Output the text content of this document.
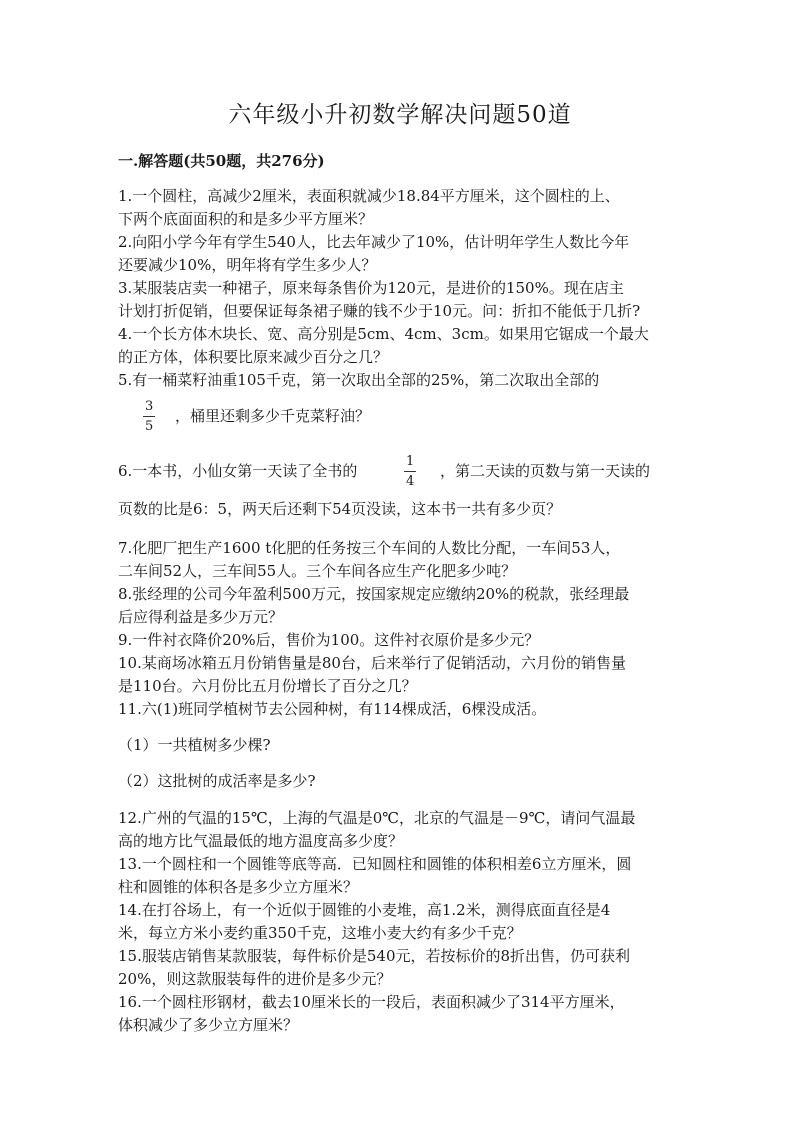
六年级小升初数学解决问题50道
一.解答题(共50题，共276分)
1.一个圆柱，高减少2厘米，表面积就减少18.84平方厘米，这个圆柱的上、
下两个底面面积的和是多少平方厘米？
2.向阳小学今年有学生540人，比去年减少了10%，估计明年学生人数比今年
还要减少10%，明年将有学生多少人？
3.某服装店卖一种裙子，原来每条售价为120元，是进价的150%。现在店主
计划打折促销，但要保证每条裙子赚的钱不少于10元。问：折扣不能低于几折?
4.一个长方体木块长、宽、高分别是5cm、4cm、3cm。如果用它锯成一个最大
的正方体，体积要比原来减少百分之几？
5.有一桶菜籽油重105千克，第一次取出全部的25%，第二次取出全部的
$\frac{3}{5}$ ，桶里还剩多少千克菜籽油？
6.一本书，小仙女第一天读了全书的	$\frac{1}{4}$ ，第二天读的页数与第一天读的
页数的比是6：5，两天后还剩下54页没读，这本书一共有多少页？
7.化肥厂把生产1600 t化肥的任务按三个车间的人数比分配，一车间53人，
二车间52人，三车间55人。三个车间各应生产化肥多少吨？
8.张经理的公司今年盈利500万元，按国家规定应缴纳20%的税款，张经理最
后应得利益是多少万元？
9.一件衬衣降价20%后，售价为100。这件衬衣原价是多少元？
10.某商场冰箱五月份销售量是80台，后来举行了促销活动，六月份的销售量
是110台。六月份比五月份增长了百分之几？
11.六(1)班同学植树节去公园种树，有114棵成活，6棵没成活。
（1）一共植树多少棵?
（2）这批树的成活率是多少?
12.广州的气温的15℃，上海的气温是0℃，北京的气温是－9℃，请问气温最
高的地方比气温最低的地方温度高多少度？
13.一个圆柱和一个圆锥等底等高．已知圆柱和圆锥的体积相差6立方厘米，圆
柱和圆锥的体积各是多少立方厘米？
14.在打谷场上，有一个近似于圆锥的小麦堆，高1.2米，测得底面直径是4
米，每立方米小麦约重350千克，这堆小麦大约有多少千克？
15.服装店销售某款服装，每件标价是540元，若按标价的8折出售，仍可获利
20%，则这款服装每件的进价是多少元？
16.一个圆柱形钢材，截去10厘米长的一段后，表面积减少了314平方厘米，
体积减少了多少立方厘米？
